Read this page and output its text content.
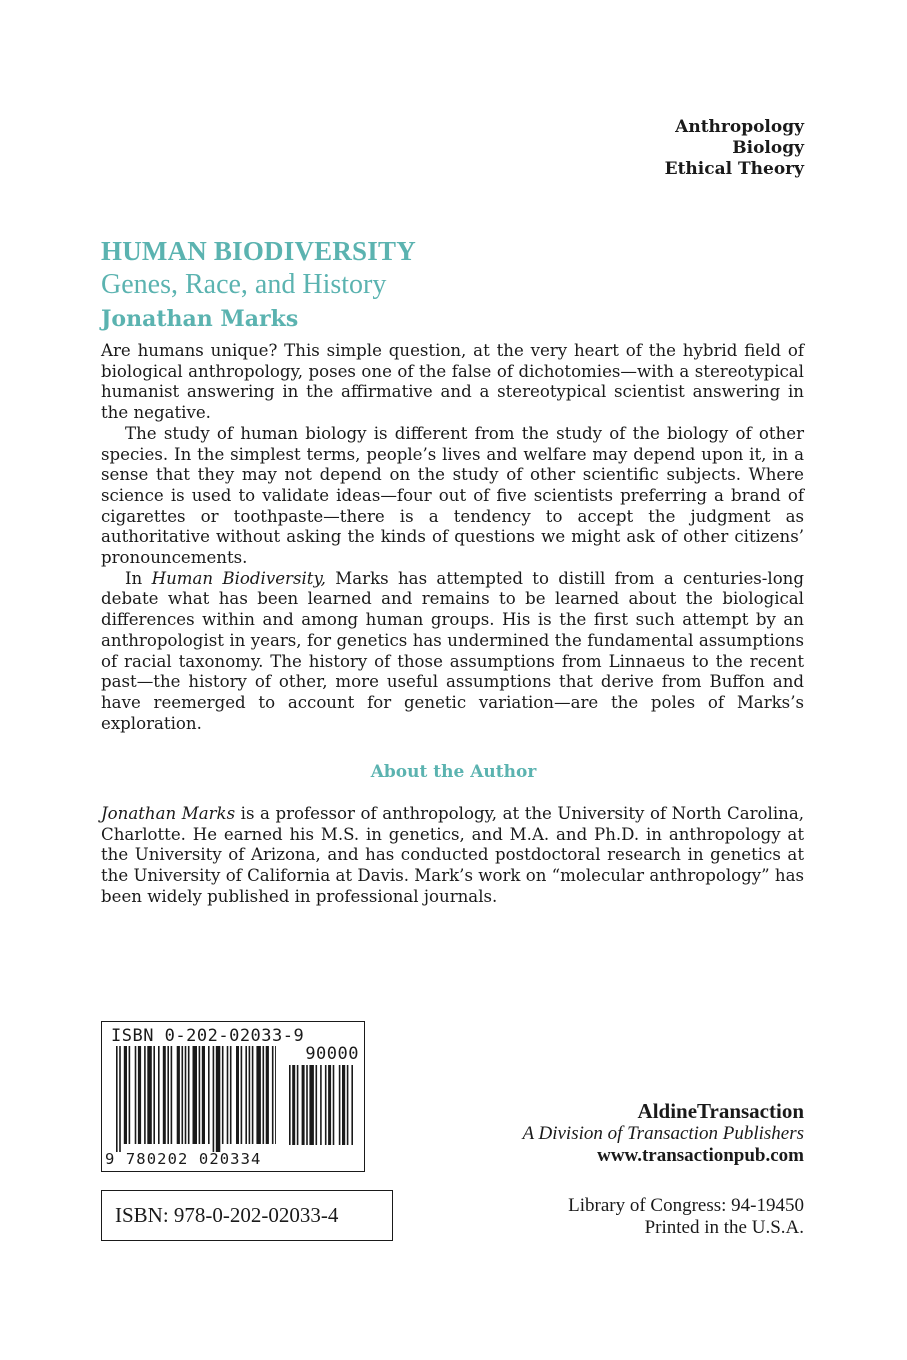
Anthropology
Biology
Ethical Theory
HUMAN BIODIVERSITY
Genes, Race, and History
Jonathan Marks

Are humans unique? This simple question, at the very heart of the hybrid field of biological anthropology, poses one of the false of dichotomies—with a stereotypical humanist answering in the affirmative and a stereotypical scientist answering in the negative.

The study of human biology is different from the study of the biology of other species. In the simplest terms, people’s lives and welfare may depend upon it, in a sense that they may not depend on the study of other scientific subjects. Where science is used to validate ideas—four out of five scientists preferring a brand of cigarettes or toothpaste—there is a tendency to accept the judgment as authoritative without asking the kinds of questions we might ask of other citizens’ pronouncements.

In Human Biodiversity, Marks has attempted to distill from a centuries-long debate what has been learned and remains to be learned about the biological differences within and among human groups. His is the first such attempt by an anthropologist in years, for genetics has undermined the fundamental assumptions of racial taxonomy. The history of those assumptions from Linnaeus to the recent past—the history of other, more useful assumptions that derive from Buffon and have reemerged to account for genetic variation—are the poles of Marks’s exploration.

About the Author

Jonathan Marks is a professor of anthropology, at the University of North Carolina, Charlotte. He earned his M.S. in genetics, and M.A. and Ph.D. in anthropology at the University of Arizona, and has conducted postdoctoral research in genetics at the University of California at Davis. Mark’s work on “molecular anthropology” has been widely published in professional journals.

ISBN 0-202-02033-9
90000
9 780202 020334
ISBN: 978-0-202-02033-4
AldineTransaction
A Division of Transaction Publishers
www.transactionpub.com
Library of Congress: 94-19450
Printed in the U.S.A.
